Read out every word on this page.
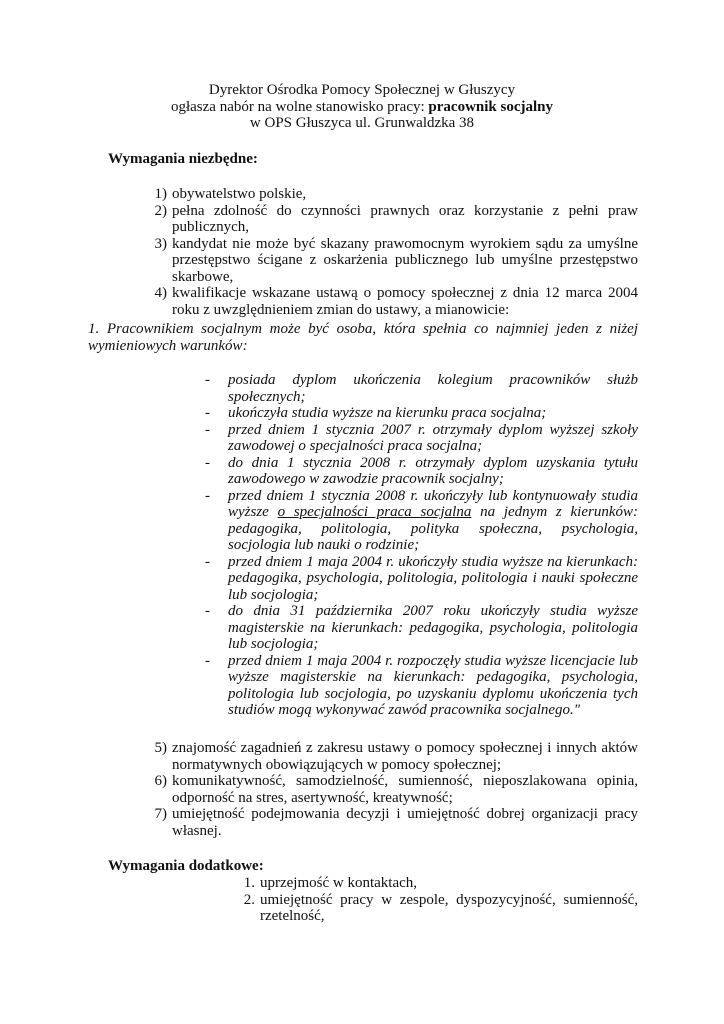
Dyrektor Ośrodka Pomocy Społecznej w Głuszycy
ogłasza nabór na wolne stanowisko pracy: pracownik socjalny
w OPS Głuszyca ul. Grunwaldzka 38
Wymagania niezbędne:
1) obywatelstwo polskie,
2) pełna zdolność do czynności prawnych oraz korzystanie z pełni praw publicznych,
3) kandydat nie może być skazany prawomocnym wyrokiem sądu za umyślne przestępstwo ścigane z oskarżenia publicznego lub umyślne przestępstwo skarbowe,
4) kwalifikacje wskazane ustawą o pomocy społecznej z dnia 12 marca 2004 roku z uwzględnieniem zmian do ustawy, a mianowicie:
1. Pracownikiem socjalnym może być osoba, która spełnia co najmniej jeden z niżej wymieniowych warunków:
-	posiada dyplom ukończenia kolegium pracowników służb społecznych;
-	ukończyła studia wyższe na kierunku praca socjalna;
-	przed dniem 1 stycznia 2007 r. otrzymały dyplom wyższej szkoły zawodowej o specjalności praca socjalna;
-	do dnia 1 stycznia 2008 r. otrzymały dyplom uzyskania tytułu zawodowego w zawodzie pracownik socjalny;
-	przed dniem 1 stycznia 2008 r. ukończyły lub kontynuowały studia wyższe o specjalności praca socjalna na jednym z kierunków: pedagogika, politologia, polityka społeczna, psychologia, socjologia lub nauki o rodzinie;
-	przed dniem 1 maja 2004 r. ukończyły studia wyższe na kierunkach: pedagogika, psychologia, politologia, politologia i nauki społeczne lub socjologia;
-	do dnia 31 października 2007 roku ukończyły studia wyższe magisterskie na kierunkach: pedagogika, psychologia, politologia lub socjologia;
-	przed dniem 1 maja 2004 r. rozpoczęły studia wyższe licencjacie lub wyższe magisterskie na kierunkach: pedagogika, psychologia, politologia lub socjologia, po uzyskaniu dyplomu ukończenia tych studiów mogą wykonywać zawód pracownika socjalnego."
5) znajomość zagadnień z zakresu ustawy o pomocy społecznej i innych aktów normatywnych obowiązujących w pomocy społecznej;
6) komunikatywność, samodzielność, sumienność, nieposzlakowana opinia, odporność na stres, asertywność, kreatywność;
7) umiejętność podejmowania decyzji i umiejętność dobrej organizacji pracy własnej.
Wymagania dodatkowe:
1. uprzejmość w kontaktach,
2. umiejętność pracy w zespole, dyspozycyjność, sumienność, rzetelność,
